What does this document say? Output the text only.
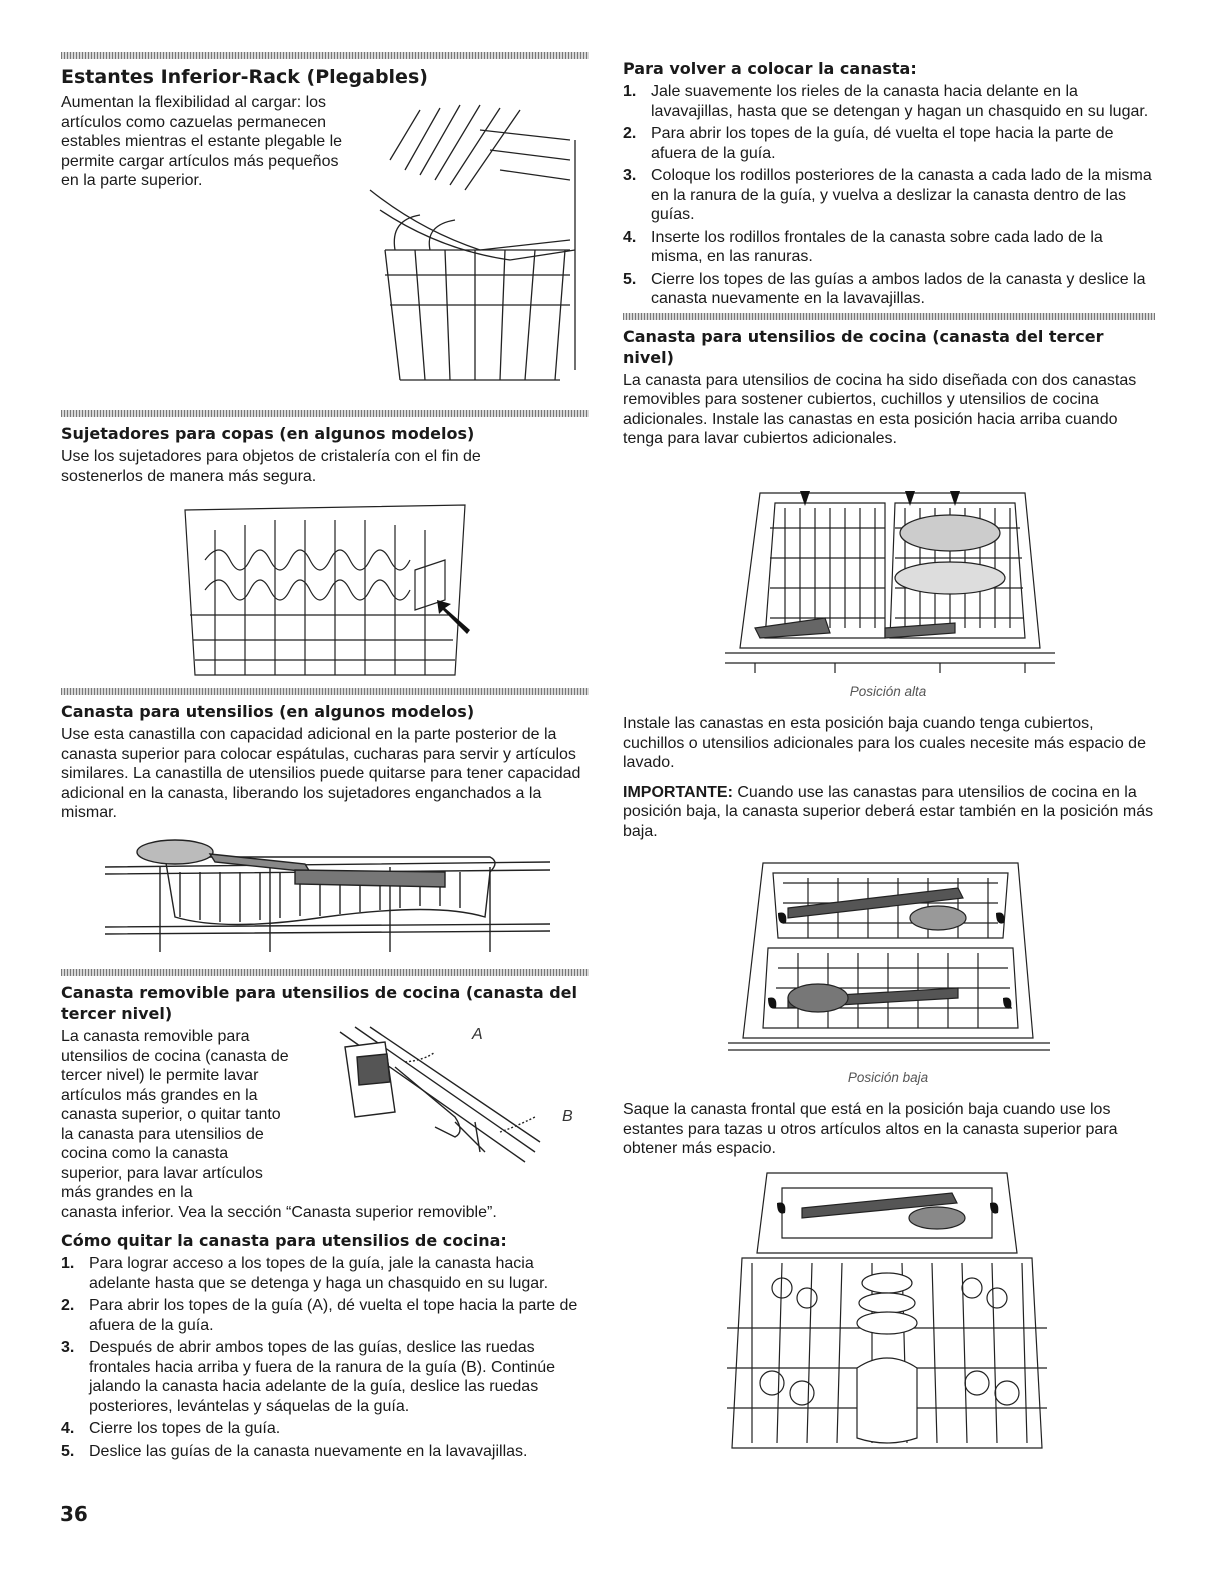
Estantes Inferior-Rack (Plegables)

Aumentan la flexibilidad al cargar: los artículos como cazuelas permanecen estables mientras el estante plegable le permite cargar artículos más pequeños en la parte superior.

Sujetadores para copas (en algunos modelos)

Use los sujetadores para objetos de cristalería con el fin de sostenerlos de manera más segura.

Canasta para utensilios (en algunos modelos)

Use esta canastilla con capacidad adicional en la parte posterior de la canasta superior para colocar espátulas, cucharas para servir y artículos similares. La canastilla de utensilios puede quitarse para tener capacidad adicional en la canasta, liberando los sujetadores enganchados a la mismar.

Canasta removible para utensilios de cocina (canasta del tercer nivel)

La canasta removible para utensilios de cocina (canasta de tercer nivel) le permite lavar artículos más grandes en la canasta superior, o quitar tanto la canasta para utensilios de cocina como la canasta superior, para lavar artículos más grandes en la

canasta inferior. Vea la sección “Canasta superior removible”.

Cómo quitar la canasta para utensilios de cocina:
1. Para lograr acceso a los topes de la guía, jale la canasta hacia adelante hasta que se detenga y haga un chasquido en su lugar.
2. Para abrir los topes de la guía (A), dé vuelta el tope hacia la parte de afuera de la guía.
3. Después de abrir ambos topes de las guías, deslice las ruedas frontales hacia arriba y fuera de la ranura de la guía (B). Continúe jalando la canasta hacia adelante de la guía, deslice las ruedas posteriores, levántelas y sáquelas de la guía.
4. Cierre los topes de la guía.
5. Deslice las guías de la canasta nuevamente en la lavavajillas.
A
B
Para volver a colocar la canasta:
1. Jale suavemente los rieles de la canasta hacia delante en la lavavajillas, hasta que se detengan y hagan un chasquido en su lugar.
2. Para abrir los topes de la guía, dé vuelta el tope hacia la parte de afuera de la guía.
3. Coloque los rodillos posteriores de la canasta a cada lado de la misma en la ranura de la guía, y vuelva a deslizar la canasta dentro de las guías.
4. Inserte los rodillos frontales de la canasta sobre cada lado de la misma, en las ranuras.
5. Cierre los topes de las guías a ambos lados de la canasta y deslice la canasta nuevamente en la lavavajillas.
Canasta para utensilios de cocina (canasta del tercer nivel)

La canasta para utensilios de cocina ha sido diseñada con dos canastas removibles para sostener cubiertos, cuchillos y utensilios de cocina adicionales. Instale las canastas en esta posición hacia arriba cuando tenga para lavar cubiertos adicionales.

Posición alta

Instale las canastas en esta posición baja cuando tenga cubiertos, cuchillos o utensilios adicionales para los cuales necesite más espacio de lavado.

IMPORTANTE: Cuando use las canastas para utensilios de cocina en la posición baja, la canasta superior deberá estar también en la posición más baja.

Posición baja

Saque la canasta frontal que está en la posición baja cuando use los estantes para tazas u otros artículos altos en la canasta superior para obtener más espacio.

36
